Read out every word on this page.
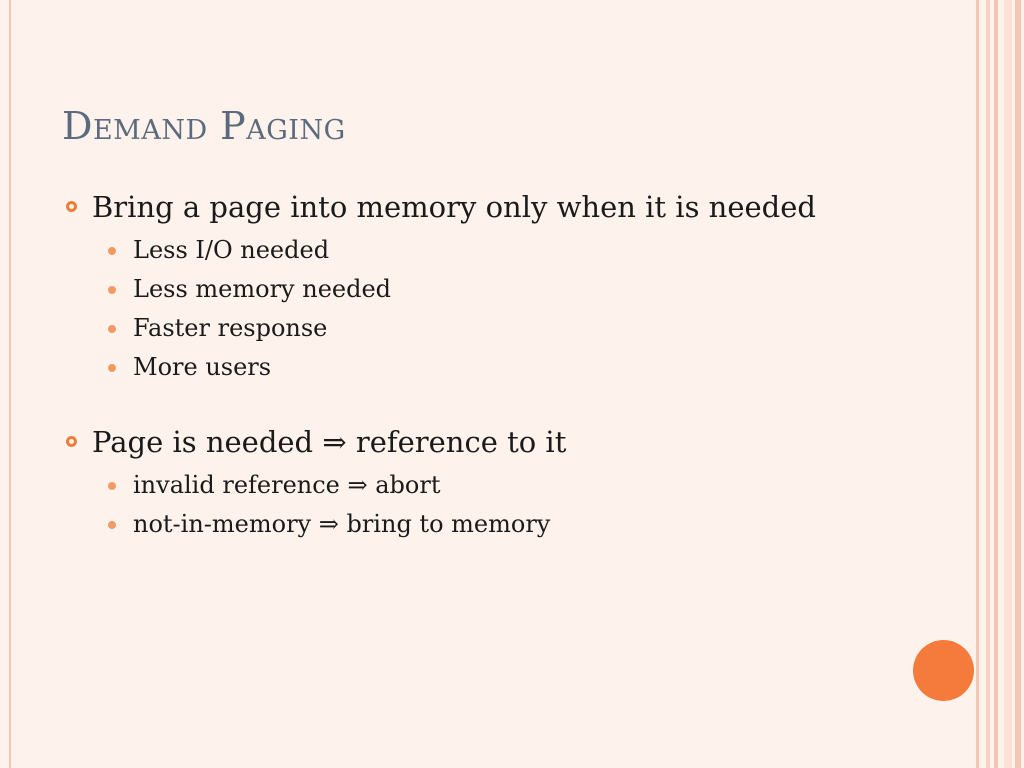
Demand Paging
Bring a page into memory only when it is needed
Less I/O needed
Less memory needed
Faster response
More users
Page is needed ⇒ reference to it
invalid reference ⇒ abort
not-in-memory ⇒ bring to memory
